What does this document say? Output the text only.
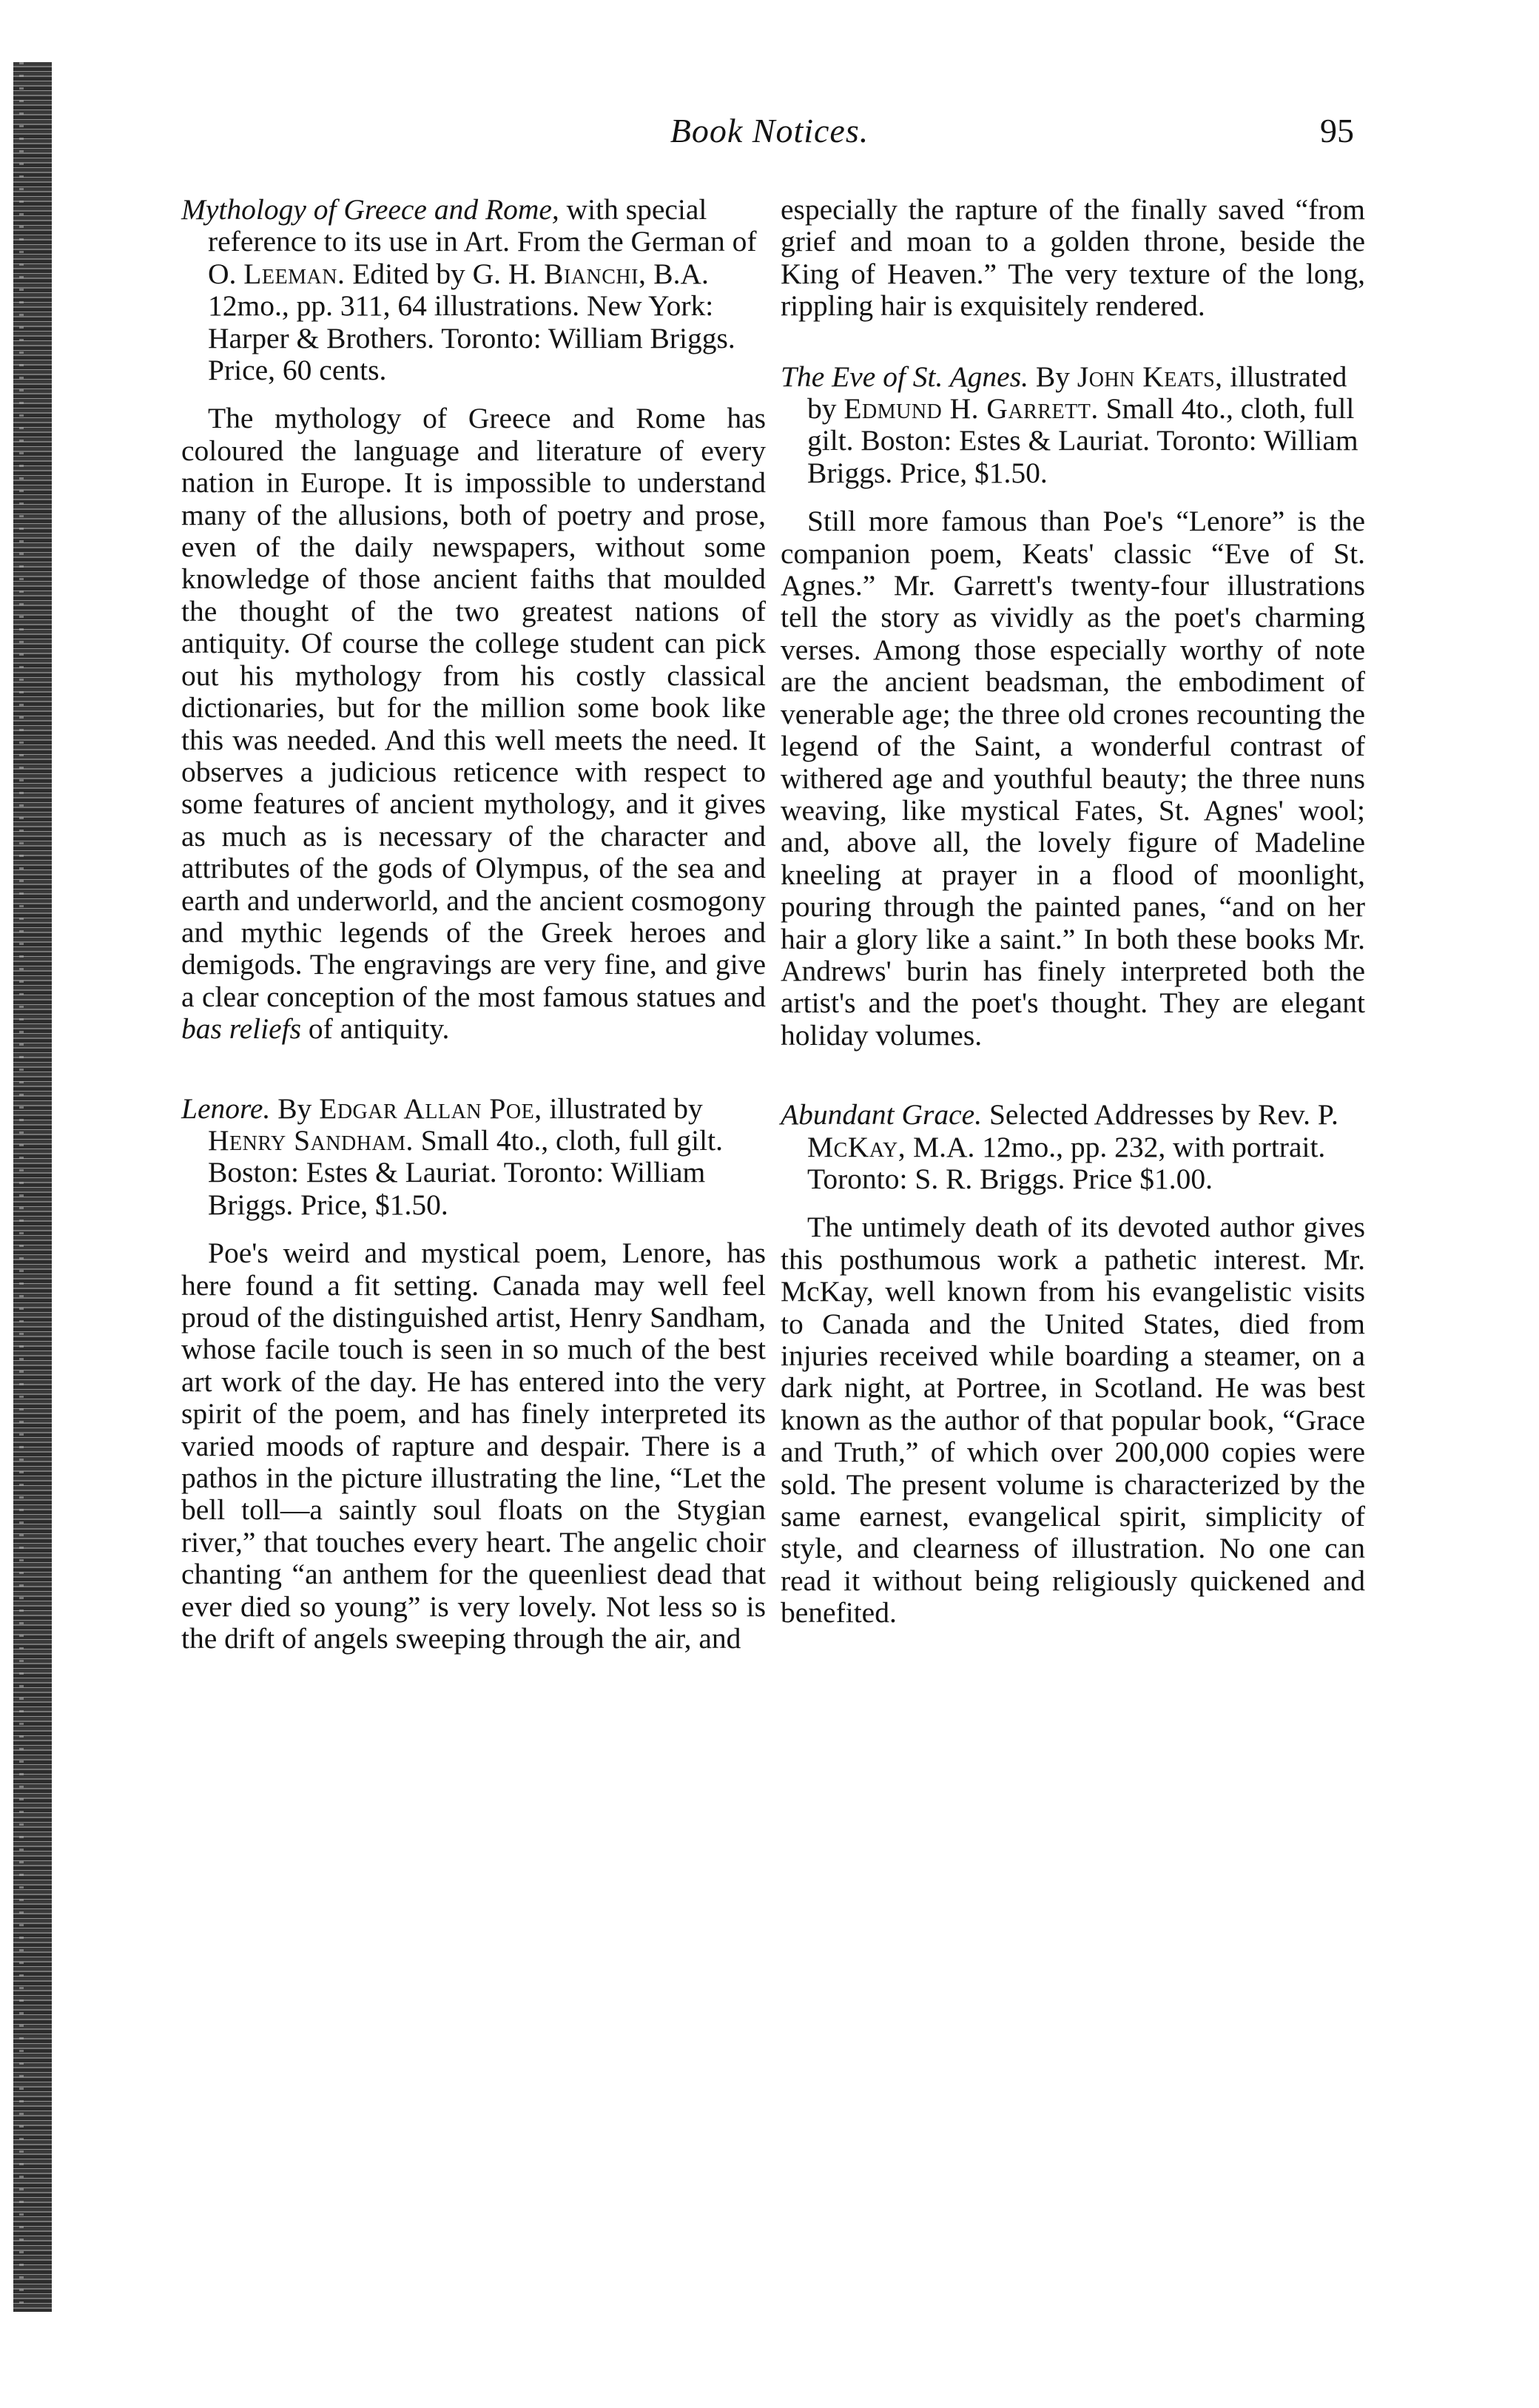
Book Notices.	95

Mythology of Greece and Rome, with special reference to its use in Art. From the German of O. Leeman. Edited by G. H. Bianchi, B.A. 12mo., pp. 311, 64 illustrations. New York: Harper & Brothers. Toronto: William Briggs. Price, 60 cents.

The mythology of Greece and Rome has coloured the language and literature of every nation in Europe. It is impossible to understand many of the allusions, both of poetry and prose, even of the daily newspapers, without some knowledge of those ancient faiths that moulded the thought of the two greatest nations of antiquity. Of course the college student can pick out his mythology from his costly classical dictionaries, but for the million some book like this was needed. And this well meets the need. It observes a judicious reticence with respect to some features of ancient mythology, and it gives as much as is necessary of the character and attributes of the gods of Olympus, of the sea and earth and underworld, and the ancient cosmogony and mythic legends of the Greek heroes and demigods. The engravings are very fine, and give a clear conception of the most famous statues and bas reliefs of antiquity.

Lenore. By Edgar Allan Poe, illustrated by Henry Sandham. Small 4to., cloth, full gilt. Boston: Estes & Lauriat. Toronto: William Briggs. Price, $1.50.

Poe's weird and mystical poem, Lenore, has here found a fit setting. Canada may well feel proud of the distinguished artist, Henry Sandham, whose facile touch is seen in so much of the best art work of the day. He has entered into the very spirit of the poem, and has finely interpreted its varied moods of rapture and despair. There is a pathos in the picture illustrating the line, “Let the bell toll—a saintly soul floats on the Stygian river,” that touches every heart. The angelic choir chanting “an anthem for the queenliest dead that ever died so young” is very lovely. Not less so is the drift of angels sweeping through the air, and

especially the rapture of the finally saved “from grief and moan to a golden throne, beside the King of Heaven.” The very texture of the long, rippling hair is exquisitely rendered.

The Eve of St. Agnes. By John Keats, illustrated by Edmund H. Garrett. Small 4to., cloth, full gilt. Boston: Estes & Lauriat. Toronto: William Briggs. Price, $1.50.

Still more famous than Poe's “Lenore” is the companion poem, Keats' classic “Eve of St. Agnes.” Mr. Garrett's twenty-four illustrations tell the story as vividly as the poet's charming verses. Among those especially worthy of note are the ancient beadsman, the embodiment of venerable age; the three old crones recounting the legend of the Saint, a wonderful contrast of withered age and youthful beauty; the three nuns weaving, like mystical Fates, St. Agnes' wool; and, above all, the lovely figure of Madeline kneeling at prayer in a flood of moonlight, pouring through the painted panes, “and on her hair a glory like a saint.” In both these books Mr. Andrews' burin has finely interpreted both the artist's and the poet's thought. They are elegant holiday volumes.

Abundant Grace. Selected Addresses by Rev. P. McKay, M.A. 12mo., pp. 232, with portrait. Toronto: S. R. Briggs. Price $1.00.

The untimely death of its devoted author gives this posthumous work a pathetic interest. Mr. McKay, well known from his evangelistic visits to Canada and the United States, died from injuries received while boarding a steamer, on a dark night, at Portree, in Scotland. He was best known as the author of that popular book, “Grace and Truth,” of which over 200,000 copies were sold. The present volume is characterized by the same earnest, evangelical spirit, simplicity of style, and clearness of illustration. No one can read it without being religiously quickened and benefited.
